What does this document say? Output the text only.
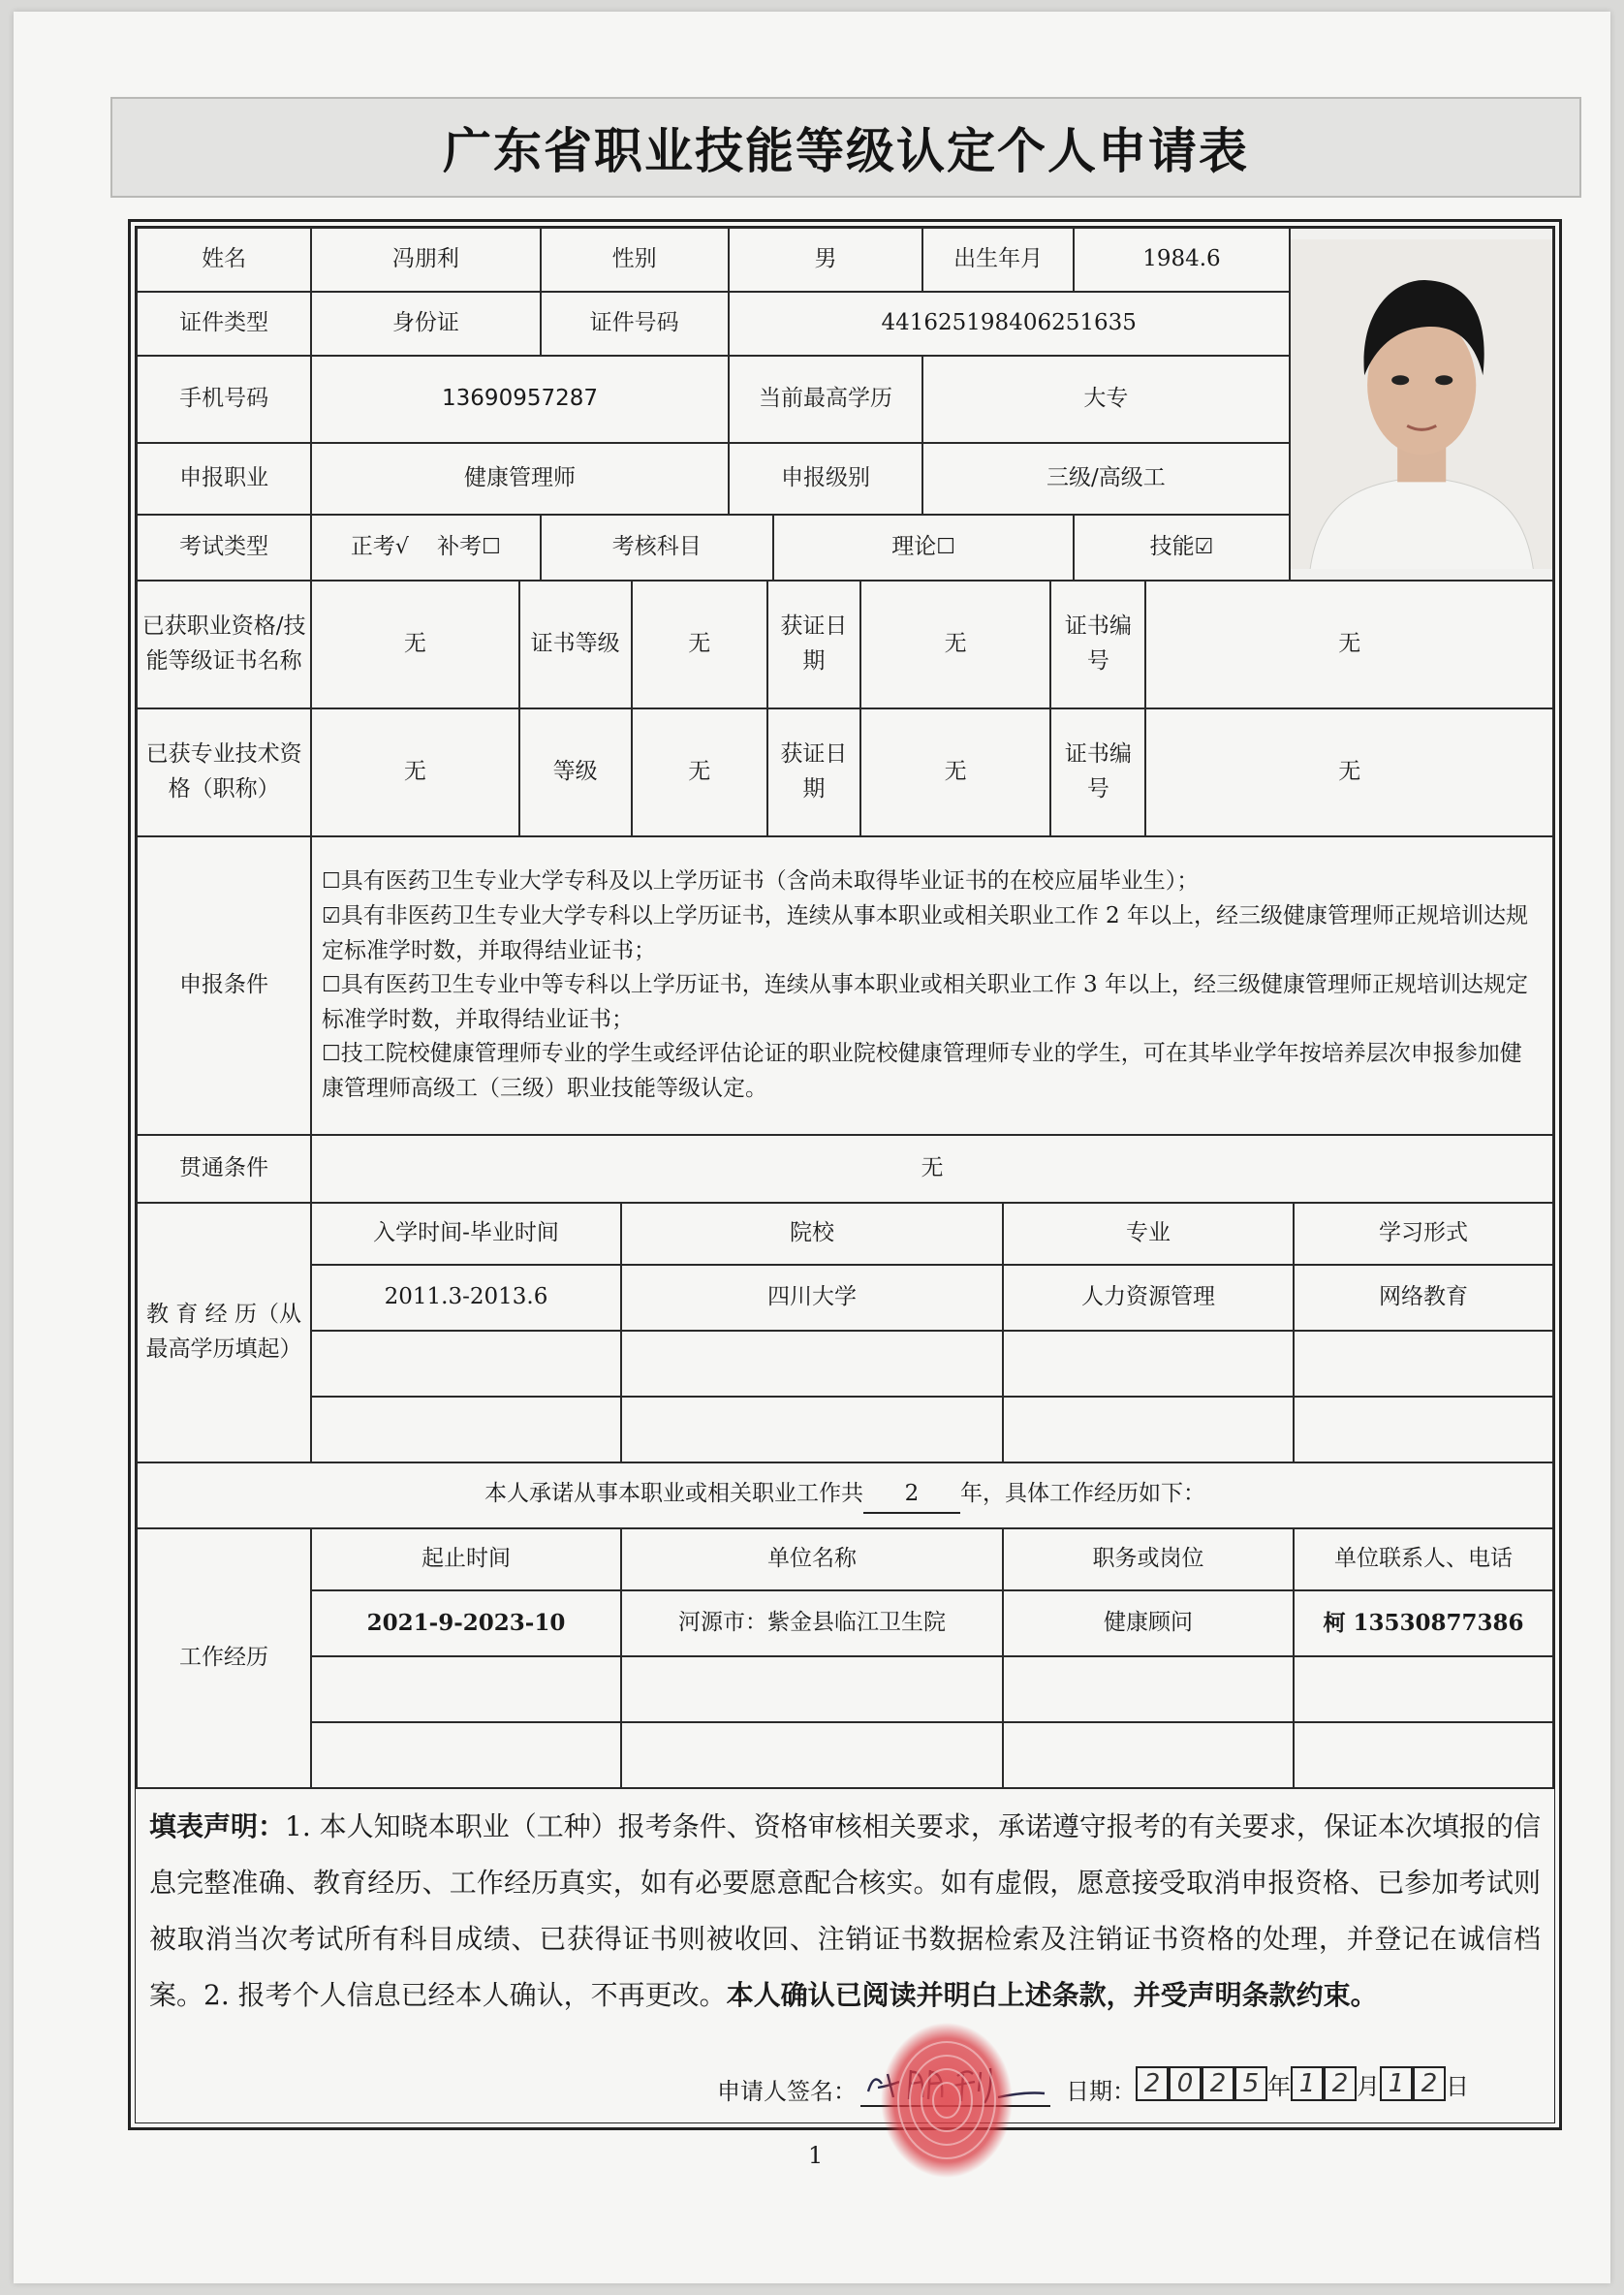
广东省职业技能等级认定个人申请表
姓名	冯朋利	性别	男		出生年月	1984.6	

证件类型	身份证	证件号码	441625198406251635				
手机号码	13690957287		当前最高学历		大专		
申报职业	健康管理师		申报级别		三级/高级工		
考试类型	正考√ 补考☐	考核科目		理论☐		技能☑	
已获职业资格/技能等级证书名称	无	证书等级	无	获证日期	无	证书编号	无
已获专业技术资格（职称）	无	等级	无	获证日期	无	证书编号	无
申报条件	☐具有医药卫生专业大学专科及以上学历证书（含尚未取得毕业证书的在校应届毕业生）；
☑具有非医药卫生专业大学专科以上学历证书，连续从事本职业或相关职业工作 2 年以上，经三级健康管理师正规培训达规定标准学时数，并取得结业证书；
☐具有医药卫生专业中等专科以上学历证书，连续从事本职业或相关职业工作 3 年以上，经三级健康管理师正规培训达规定标准学时数，并取得结业证书；
☐技工院校健康管理师专业的学生或经评估论证的职业院校健康管理师专业的学生，可在其毕业学年按培养层次申报参加健康管理师高级工（三级）职业技能等级认定。

贯通条件	无
教 育 经 历（从最高学历填起）	入学时间-毕业时间	院校	专业	学习形式
	2011.3-2013.6	四川大学	人力资源管理	网络教育

本人承诺从事本职业或相关职业工作共 2 年，具体工作经历如下：				
工作经历	起止时间	单位名称	职务或岗位	单位联系人、电话
	2021-9-2023-10	河源市：紫金县临江卫生院	健康顾问	柯 13530877386

填表声明：1. 本人知晓本职业（工种）报考条件、资格审核相关要求，承诺遵守报考的有关要求，保证本次填报的信息完整准确、教育经历、工作经历真实，如有必要愿意配合核实。如有虚假，愿意接受取消申报资格、已参加考试则被取消当次考试所有科目成绩、已获得证书则被收回、注销证书数据检索及注销证书资格的处理，并登记在诚信档案。2. 报考个人信息已经本人确认，不再更改。本人确认已阅读并明白上述条款，并受声明条款约束。
申请人签名：	日期： 2 0 2 5 年 1 2 月 1 2 日
1
